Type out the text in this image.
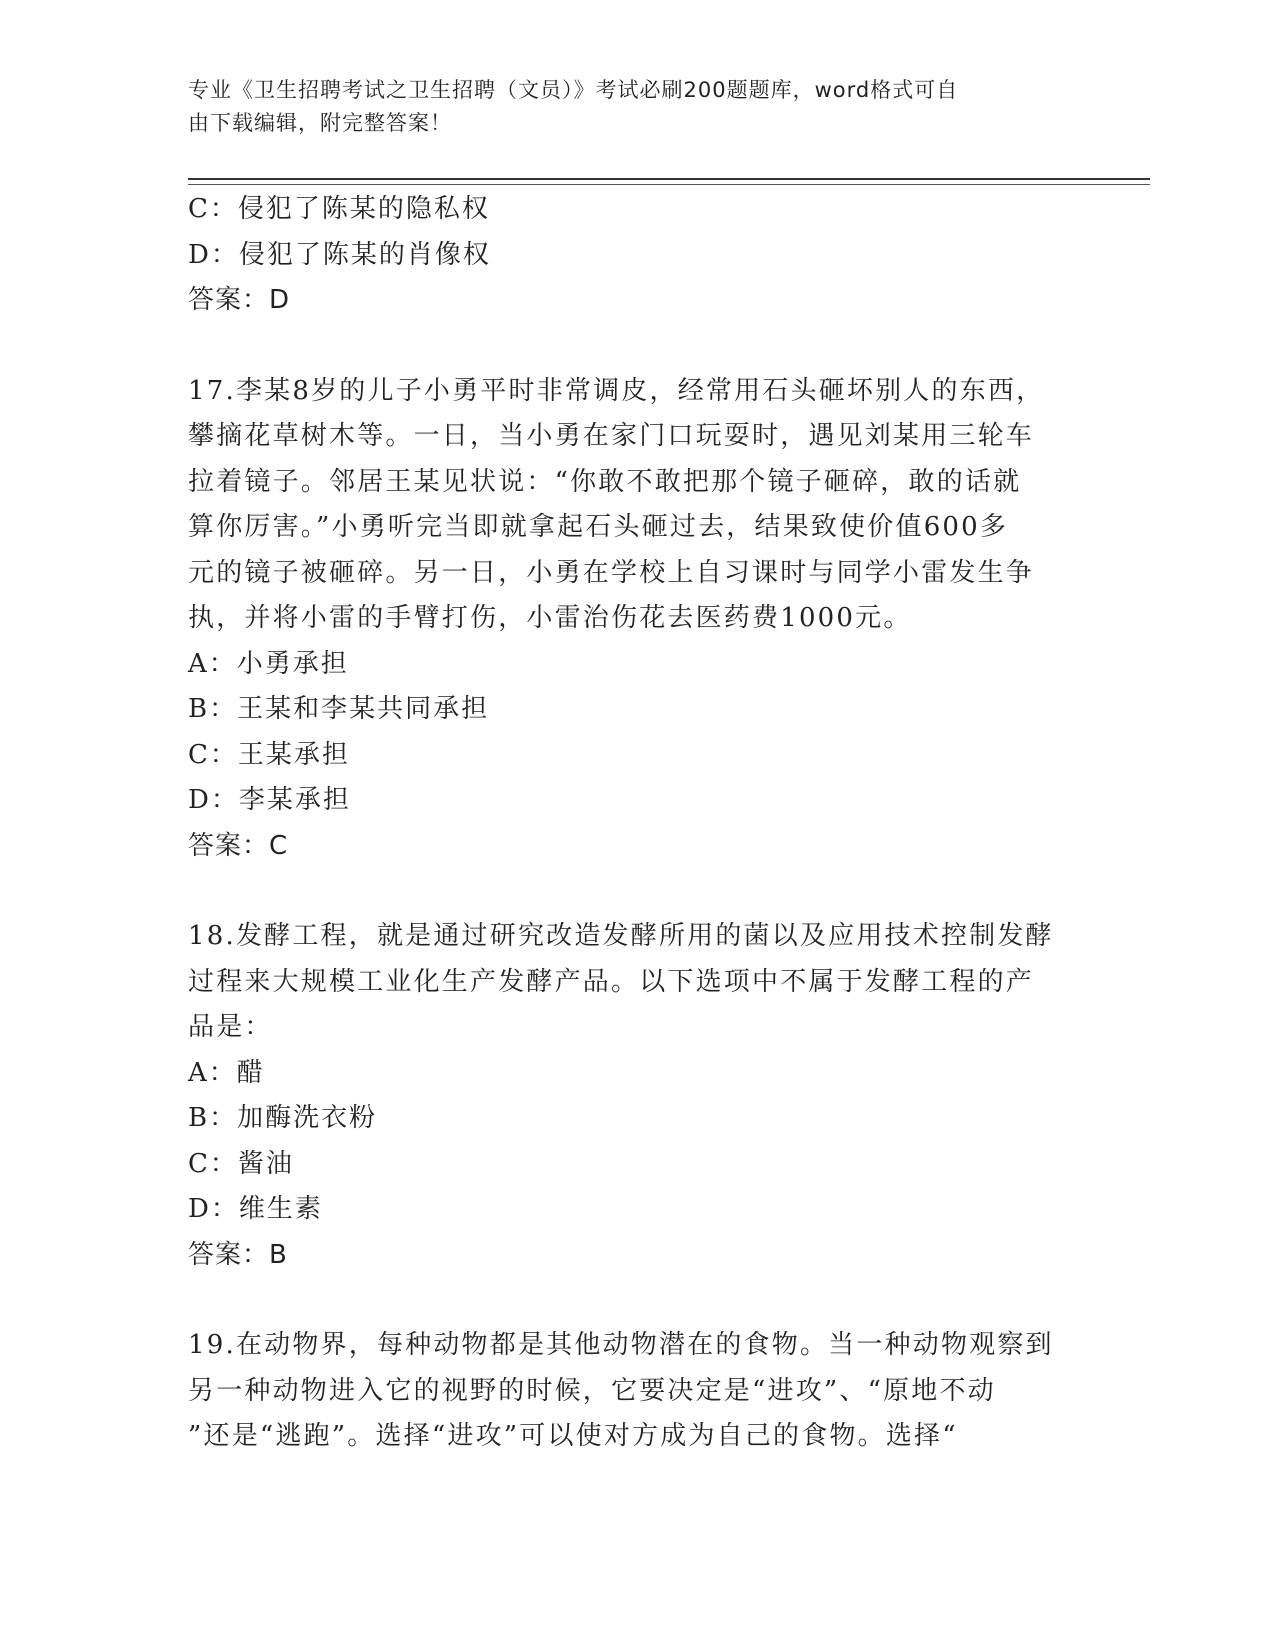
专业《卫生招聘考试之卫生招聘（文员）》考试必刷200题题库，word格式可自
由下载编辑，附完整答案！
C：侵犯了陈某的隐私权
D：侵犯了陈某的肖像权
答案：D
17.李某8岁的儿子小勇平时非常调皮，经常用石头砸坏别人的东西，
攀摘花草树木等。一日，当小勇在家门口玩耍时，遇见刘某用三轮车
拉着镜子。邻居王某见状说：“你敢不敢把那个镜子砸碎，敢的话就
算你厉害。”小勇听完当即就拿起石头砸过去，结果致使价值600多
元的镜子被砸碎。另一日，小勇在学校上自习课时与同学小雷发生争
执，并将小雷的手臂打伤，小雷治伤花去医药费1000元。
A：小勇承担
B：王某和李某共同承担
C：王某承担
D：李某承担
答案：C
18.发酵工程，就是通过研究改造发酵所用的菌以及应用技术控制发酵
过程来大规模工业化生产发酵产品。以下选项中不属于发酵工程的产
品是：
A：醋
B：加酶洗衣粉
C：酱油
D：维生素
答案：B
19.在动物界，每种动物都是其他动物潜在的食物。当一种动物观察到
另一种动物进入它的视野的时候，它要决定是“进攻”、“原地不动
”还是“逃跑”。选择“进攻”可以使对方成为自己的食物。选择“
